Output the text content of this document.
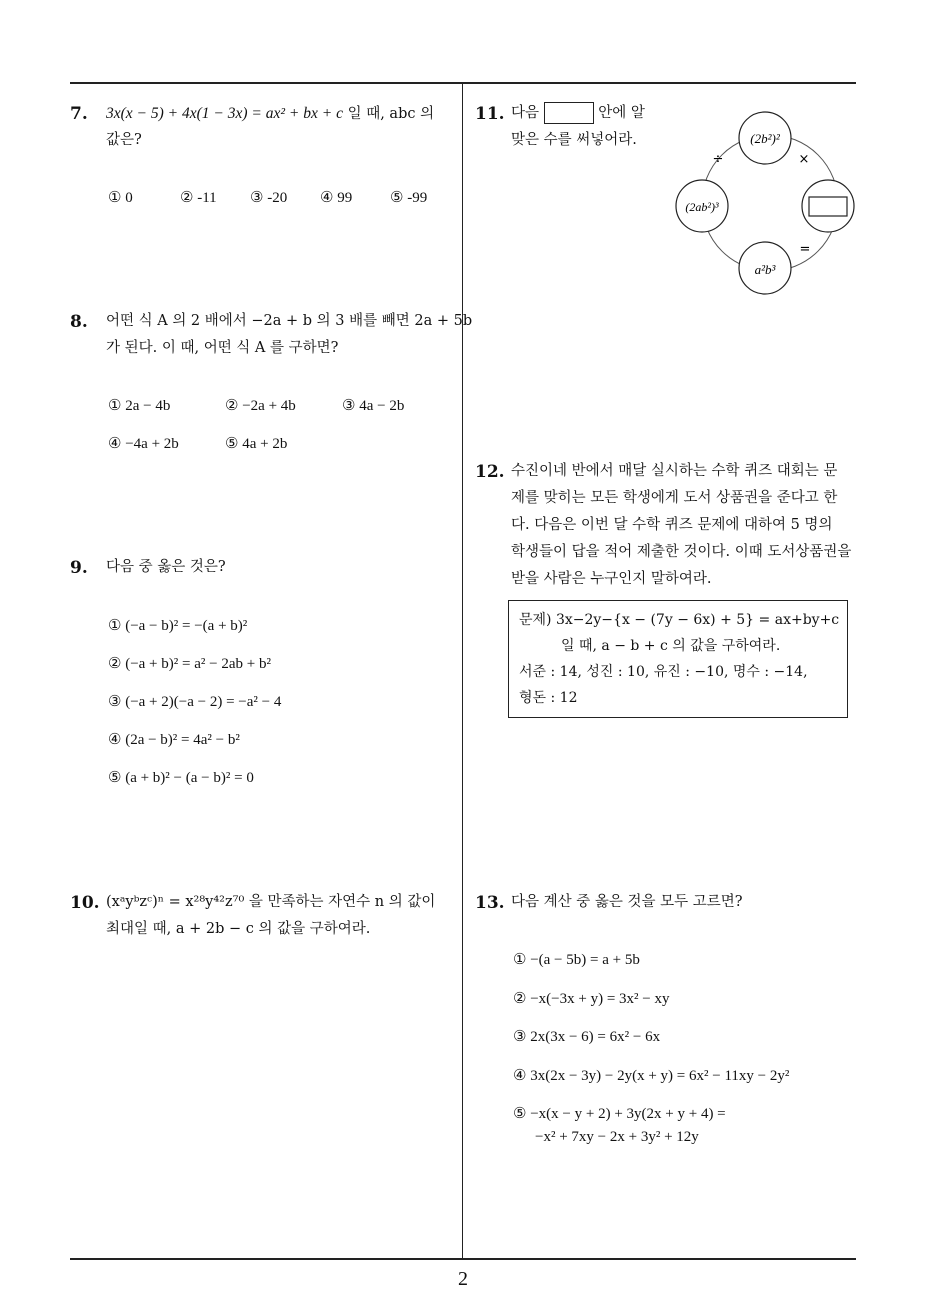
7. 3x(x − 5) + 4x(1 − 3x) = ax² + bx + c 일 때, abc 의
값은?
① 0	② -11 ③ -20 ④ 99	⑤ -99
8. 어떤 식 A 의 2 배에서 −2a + b 의 3 배를 빼면 2a + 5b
가 된다. 이 때, 어떤 식 A 를 구하면?
① 2a − 4b	② −2a + 4b	③ 4a − 2b
④ −4a + 2b	⑤ 4a + 2b
9. 다음 중 옳은 것은?
① (−a − b)² = −(a + b)²
② (−a + b)² = a² − 2ab + b²
③ (−a + 2)(−a − 2) = −a² − 4
④ (2a − b)² = 4a² − b²
⑤ (a + b)² − (a − b)² = 0
10. (xᵃyᵇzᶜ)ⁿ = x²⁸y⁴²z⁷⁰ 을 만족하는 자연수 n 의 값이
최대일 때, a + 2b − c 의 값을 구하여라.
11. 다음	안에 알
맞은 수를 써넣어라.	(2b²)²
(2ab²)³
a²b³
÷	×
=
12. 수진이네 반에서 매달 실시하는 수학 퀴즈 대회는 문
제를 맞히는 모든 학생에게 도서 상품권을 준다고 한
다. 다음은 이번 달 수학 퀴즈 문제에 대하여 5 명의
학생들이 답을 적어 제출한 것이다. 이때 도서상품권을
받을 사람은 누구인지 말하여라.
문제) 3x−2y−{x − (7y − 6x) + 5} = ax+by+c
일 때, a − b + c 의 값을 구하여라.
서준 : 14, 성진 : 10, 유진 : −10, 명수 : −14,
형돈 : 12
13. 다음 계산 중 옳은 것을 모두 고르면?
① −(a − 5b) = a + 5b
② −x(−3x + y) = 3x² − xy
③ 2x(3x − 6) = 6x² − 6x
④ 3x(2x − 3y) − 2y(x + y) = 6x² − 11xy − 2y²
⑤ −x(x − y + 2) + 3y(2x + y + 4) =
−x² + 7xy − 2x + 3y² + 12y
2
